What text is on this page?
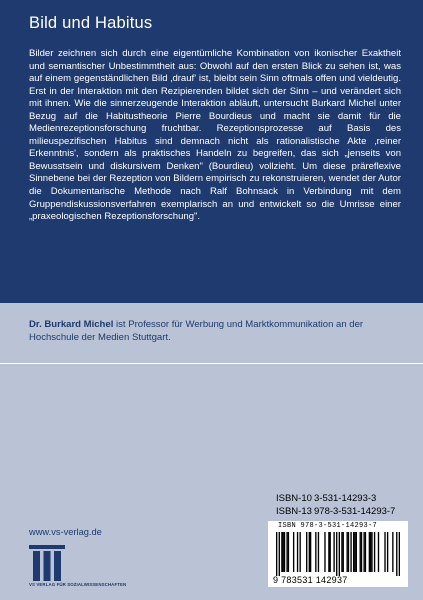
Bild und Habitus

Bilder zeichnen sich durch eine eigentümliche Kombination von ikonischer Exaktheit und semantischer Unbestimmtheit aus: Obwohl auf den ersten Blick zu sehen ist, was auf einem gegenständlichen Bild ‚drauf' ist, bleibt sein Sinn oftmals offen und vieldeutig. Erst in der Interaktion mit den Rezipierenden bildet sich der Sinn – und verändert sich mit ihnen. Wie die sinnerzeugende Interaktion abläuft, untersucht Burkard Michel unter Bezug auf die Habitustheorie Pierre Bourdieus und macht sie damit für die Medienrezeptionsforschung fruchtbar. Rezeptionsprozesse auf Basis des milieuspezifischen Habitus sind demnach nicht als rationalistische Akte ‚reiner Erkenntnis', sondern als praktisches Handeln zu begreifen, das sich „jenseits von Bewusstsein und diskursivem Denken" (Bourdieu) vollzieht. Um diese präreflexive Sinnebene bei der Rezeption von Bildern empirisch zu rekonstruieren, wendet der Autor die Dokumentarische Methode nach Ralf Bohnsack in Verbindung mit dem Gruppendiskussionsverfahren exemplarisch an und entwickelt so die Umrisse einer „praxeologischen Rezeptionsforschung".

Dr. Burkard Michel ist Professor für Werbung und Marktkommunikation an der Hochschule der Medien Stuttgart.

ISBN-10 3-531-14293-3
ISBN-13 978-3-531-14293-7
www.vs-verlag.de
VS VERLAG FÜR SOZIALWISSENSCHAFTEN
ISBN 978-3-531-14293-7
9 783531 142937
